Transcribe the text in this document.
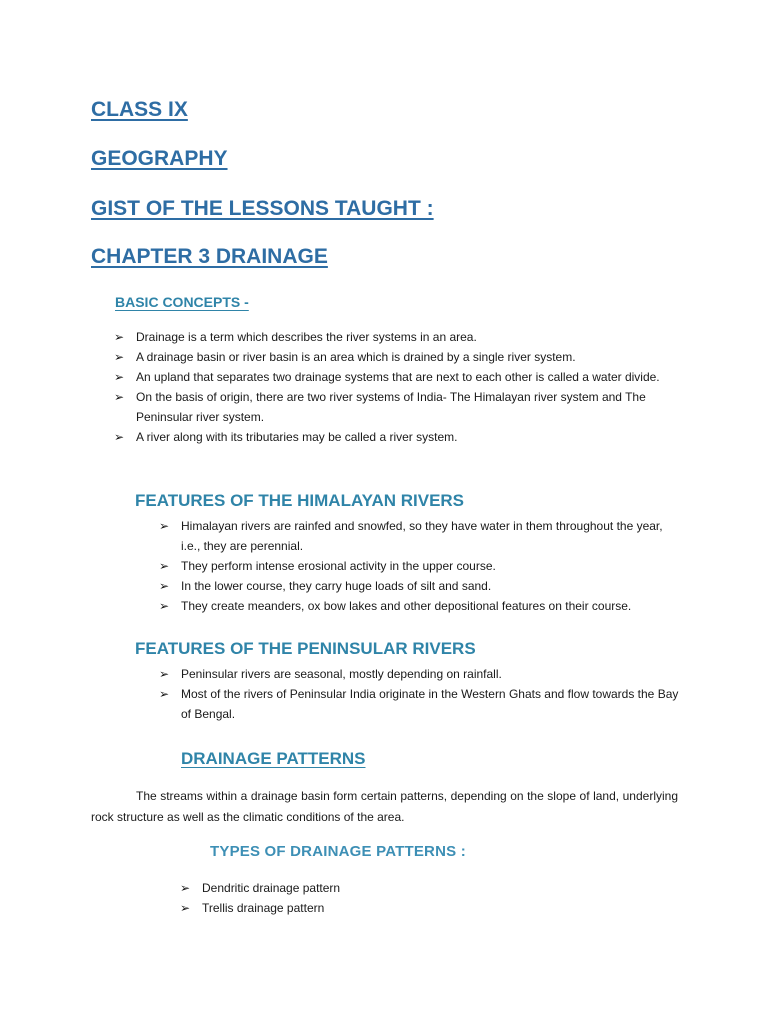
CLASS IX
GEOGRAPHY
GIST OF THE LESSONS TAUGHT :
CHAPTER 3 DRAINAGE
BASIC CONCEPTS -
➢ Drainage is a term which describes the river systems in an area.
➢ A drainage basin or river basin is an area which is drained by a single river system.
➢ An upland that separates two drainage systems that are next to each other is called a water divide.
➢ On the basis of origin, there are two river systems of India- The Himalayan river system and The Peninsular river system.
➢ A river along with its tributaries may be called a river system.
FEATURES OF THE HIMALAYAN RIVERS
➢ Himalayan rivers are rainfed and snowfed, so they have water in them throughout the year, i.e., they are perennial.
➢ They perform intense erosional activity in the upper course.
➢ In the lower course, they carry huge loads of silt and sand.
➢ They create meanders, ox bow lakes and other depositional features on their course.
FEATURES OF THE PENINSULAR RIVERS
➢ Peninsular rivers are seasonal, mostly depending on rainfall.
➢ Most of the rivers of Peninsular India originate in the Western Ghats and flow towards the Bay of Bengal.
DRAINAGE PATTERNS

The streams within a drainage basin form certain patterns, depending on the slope of land, underlying rock structure as well as the climatic conditions of the area.

TYPES OF DRAINAGE PATTERNS :
➢ Dendritic drainage pattern
➢ Trellis drainage pattern
